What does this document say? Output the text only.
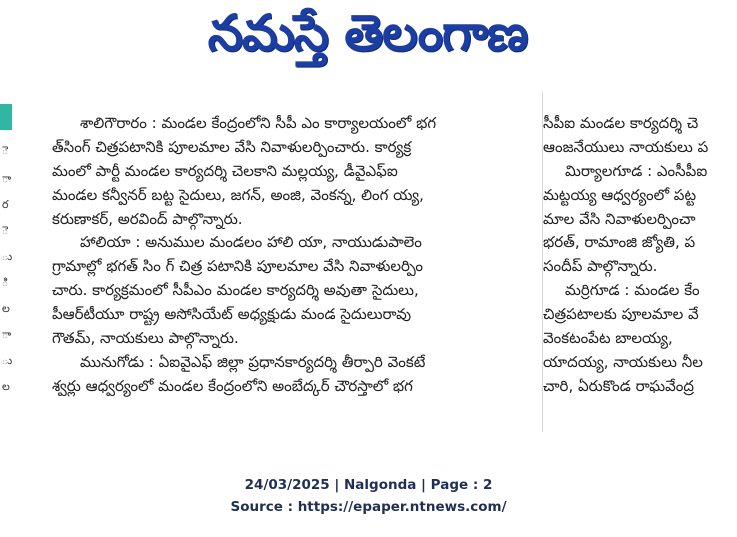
నమస్తే తెలంగాణ
ె
ా
ర
ె
ు
ి
ల
ా
ు
ల
శాలిగౌరారం : మండల కేంద్రంలోని సీపీ ఎం కార్యాలయంలో భగ
త్‌సింగ్ చిత్రపటానికి పూలమాల వేసి నివాళులర్పించారు. కార్యక్ర
మంలో పార్టీ మండల కార్యదర్శి చెలకాని మల్లయ్య, డీవైఎఫ్‌ఐ
మండల కన్వీనర్ బట్ట సైదులు, జగన్, అంజి, వెంకన్న, లింగ య్య,
కరుణాకర్, అరవింద్ పాల్గొన్నారు.
హాలియా : అనుముల మండలం హాలి యా, నాయుడుపాలెం
గ్రామాల్లో భగత్ సిం గ్ చిత్ర పటానికి పూలమాల వేసి నివాళులర్పిం
చారు. కార్యక్రమంలో సీపీఎం మండల కార్యదర్శి అవుతా సైదులు,
పీఆర్‌టీయూ రాష్ట్ర అసోసియేట్ అధ్యక్షుడు మండ సైదులురావు
గౌతమ్, నాయకులు పాల్గొన్నారు.
మునుగోడు : ఏఐవైఎఫ్ జిల్లా ప్రధానకార్యదర్శి తీర్పారి వెంకటే
శ్వర్లు ఆధ్వర్యంలో మండల కేంద్రంలోని అంబేద్కర్ చౌరస్తాలో భగ
సీపీఐ మండల కార్యదర్శి చె
ఆంజనేయులు నాయకులు ప
మిర్యాలగూడ : ఎంసీపీఐ
మట్టయ్య ఆధ్వర్యంలో పట్ట
మాల వేసి నివాళులర్పించా
భరత్, రామాంజి జ్యోతి, ప
సందీప్ పాల్గొన్నారు.
మర్రిగూడ : మండల కేం
చిత్రపటాలకు పూలమాల వే
వెంకటంపేట బాలయ్య,
యాదయ్య, నాయకులు నీల
చారి, ఏరుకొండ రాఘవేంద్ర
24/03/2025 | Nalgonda | Page : 2
Source : https://epaper.ntnews.com/
